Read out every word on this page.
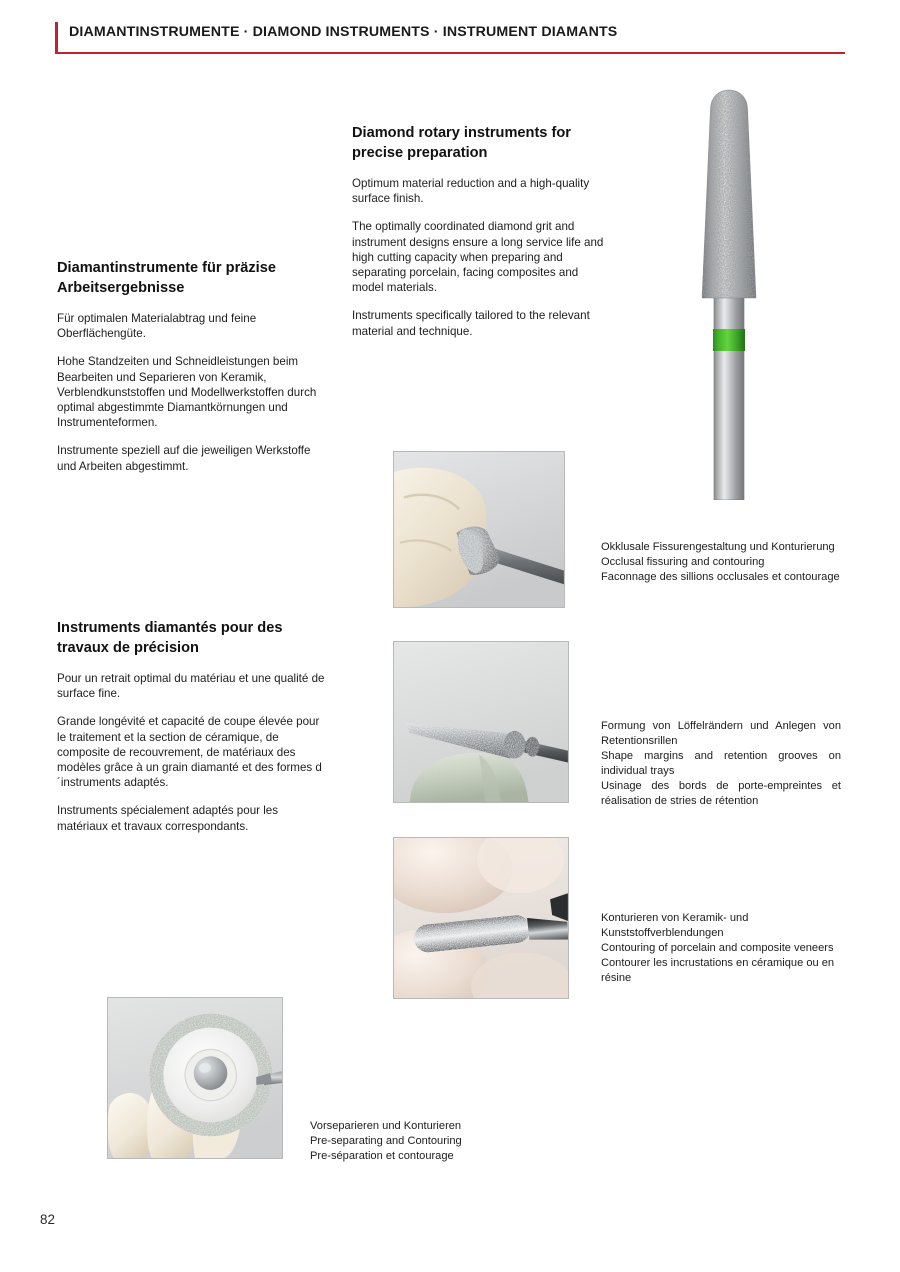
DIAMANTINSTRUMENTE · DIAMOND INSTRUMENTS · INSTRUMENT DIAMANTS
Diamantinstrumente für präzise Arbeitsergebnisse

Für optimalen Materialabtrag und feine Oberflächengüte.

Hohe Standzeiten und Schneidleistungen beim Bearbeiten und Separieren von Keramik, Verblendkunststoffen und Modellwerkstoffen durch optimal abgestimmte Diamantkörnungen und Instrumenteformen.

Instrumente speziell auf die jeweiligen Werkstoffe und Arbeiten abgestimmt.

Diamond rotary instruments for precise preparation

Optimum material reduction and a high-quality surface finish.

The optimally coordinated diamond grit and instrument designs ensure a long service life and high cutting capacity when preparing and separating porcelain, facing composites and model materials.

Instruments specifically tailored to the relevant material and technique.

Instruments diamantés pour des travaux de précision

Pour un retrait optimal du matériau et une qualité de surface fine.

Grande longévité et capacité de coupe élevée pour le traitement et la section de céramique, de composite de recouvrement, de matériaux des modèles grâce à un grain diamanté et des formes d´instruments adaptés.

Instruments spécialement adaptés pour les matériaux et travaux correspondants.

Okklusale Fissurengestaltung und Konturierung
Occlusal fissuring and contouring
Faconnage des sillions occlusales et contourage
Formung von Löffelrändern und Anlegen von Retentionsrillen
Shape margins and retention grooves on individual trays
Usinage des bords de porte-empreintes et réalisation de stries de rétention
Konturieren von Keramik- und Kunststoffverblendungen
Contouring of porcelain and composite veneers
Contourer les incrustations en céramique ou en résine
Vorseparieren und Konturieren
Pre-separating and Contouring
Pre-séparation et contourage
82
